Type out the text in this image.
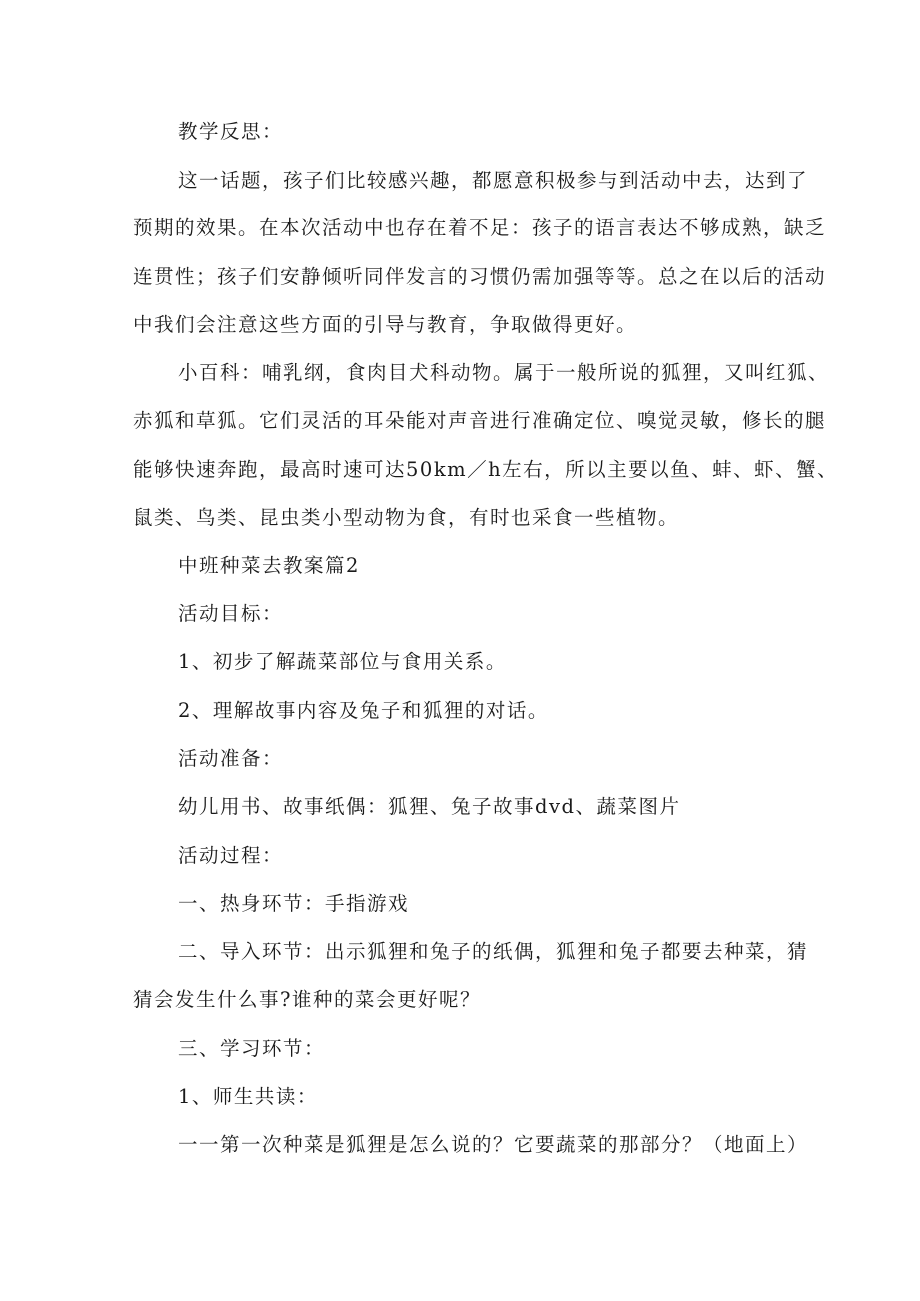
教学反思：
这一话题，孩子们比较感兴趣，都愿意积极参与到活动中去，达到了
预期的效果。在本次活动中也存在着不足：孩子的语言表达不够成熟，缺乏
连贯性；孩子们安静倾听同伴发言的习惯仍需加强等等。总之在以后的活动
中我们会注意这些方面的引导与教育，争取做得更好。
小百科：哺乳纲，食肉目犬科动物。属于一般所说的狐狸，又叫红狐、
赤狐和草狐。它们灵活的耳朵能对声音进行准确定位、嗅觉灵敏，修长的腿
能够快速奔跑，最高时速可达50km／h左右，所以主要以鱼、蚌、虾、蟹、
鼠类、鸟类、昆虫类小型动物为食，有时也采食一些植物。
中班种菜去教案篇2
活动目标：
1、初步了解蔬菜部位与食用关系。
2、理解故事内容及兔子和狐狸的对话。
活动准备：
幼儿用书、故事纸偶：狐狸、兔子故事dvd、蔬菜图片
活动过程：
一、热身环节：手指游戏
二、导入环节：出示狐狸和兔子的纸偶，狐狸和兔子都要去种菜，猜
猜会发生什么事?谁种的菜会更好呢？
三、学习环节：
1、师生共读：
一一第一次种菜是狐狸是怎么说的？它要蔬菜的那部分？（地面上）
